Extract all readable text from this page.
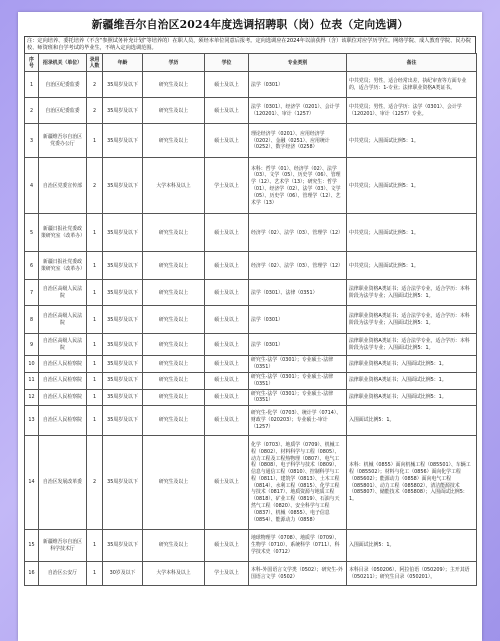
新疆维吾尔自治区2024年度选调招聘职（岗）位表（定向选调）
注：定向培养、委托培养（不含“参照试务补充计划”等培养的）在职人员，须经本单位同意后报考。定向选调应在2024年以前获得（含）该职位对应学历学位。网络学院、成人教育学院、民办院校、师资班和自学考试的毕业生，不纳入定向选调范围。
序号	招录机关（单位）	录用人数	年龄	学历	学位	专业类别	备注
1	自治区纪委监委	2	35周岁及以下	研究生及以上	硕士及以上	法学（0301）	中共党员；男性，适合经常出差，执纪审查等方面专业的，适合学历：1-专业；法律职业资格A类证书。
2	自治区纪委监委	2	35周岁及以下	研究生及以上	硕士及以上	法学（0301）、经济学（0201）、会计学（120201）、审计（1257）	中共党员；男性，适合学历：法学（0301）、会计学（120201）、审计（1257）专业。
3	新疆维吾尔自治区党委办公厅	1	35周岁及以下	研究生及以上	硕士及以上	理论经济学（0201）、应用经济学（0202）、金融（0251）、应用统计（0252）、数字经济（0258）	中共党员；入围面试比例5：1。
4	自治区党委宣传部	2	35周岁及以下	大学本科及以上	学士及以上	本科：哲学（01）、经济学（02）、法学（03）、文学（05）、历史学（06）、管理学（12）、艺术学（13）；研究生：哲学（01）、经济学（02）、法学（03）、文学（05）、历史学（06）、管理学（12）、艺术学（13）	中共党员；入围面试比例5：1。
5	新疆日报社党委政策研究室（改革办）	1	35周岁及以下	研究生及以上	硕士及以上	经济学（02）、法学（03）、管理学（12）	中共党员；入围面试比例5：1。
6	新疆日报社党委政策研究室（改革办）	1	35周岁及以下	研究生及以上	硕士及以上	经济学（02）、法学（03）、管理学（12）	中共党员；入围面试比例5：1。
7	自治区高级人民法院	1	35周岁及以下	研究生及以上	硕士及以上	法学（0301）、法律（0351）	法律职业资格A类证书；适合法学专业，适合学历：本科阶段为法学专业；入围面试比例5：1。
8	自治区高级人民法院	1	35周岁及以下	研究生及以上	硕士及以上	法学（0301）	法律职业资格A类证书；适合法学专业，适合学历：本科阶段为法学专业；入围面试比例5：1。
9	自治区高级人民法院	1	35周岁及以下	研究生及以上	硕士及以上	法学（0301）	法律职业资格A类证书；适合法学专业，适合学历：本科阶段为法学专业；入围面试比例5：1。
10	自治区人民检察院	1	35周岁及以下	研究生及以上	硕士及以上	研究生-法学（0301）；专业硕士-法律（0351）	法律职业资格A类证书；入围面试比例5：1。
11	自治区人民检察院	1	35周岁及以下	研究生及以上	硕士及以上	研究生-法学（0301）；专业硕士-法律（0351）	法律职业资格A类证书；入围面试比例5：1。
12	自治区人民检察院	1	35周岁及以下	研究生及以上	硕士及以上	研究生-法学（0301）；专业硕士-法律（0351）	法律职业资格A类证书；入围面试比例5：1。
13	自治区人民检察院	1	35周岁及以下	研究生及以上	硕士及以上	研究生-化学（0703）、统计学（0714）、财政学（020203）；专业硕士-审计（1257）	入围面试比例5：1。
14	自治区发展改革委	2	35周岁及以下	研究生及以上	硕士及以上	化学（0703）、地质学（0709）、机械工程（0802）、材料科学与工程（0805）、动力工程及工程热物理（0807）、电气工程（0808）、电子科学与技术（0809）、信息与通信工程（0810）、控制科学与工程（0811）、建筑学（0813）、土木工程（0814）、水利工程（0815）、化学工程与技术（0817）、地质资源与地质工程（0818）、矿业工程（0819）、石油与天然气工程（0820）、安全科学与工程（0837）、机械（0855）、电子信息（0854）、能源动力（0858）	本科：机械（0855）面向机械工程（085501）、车辆工程（085502）；材料与化工（0856）面向化学工程（085602）；能源动力（0858）面向电气工程（085801）、动力工程（085802）、清洁能源技术（085807）、储能技术（085808）；入围面试比例5：1。
15	新疆维吾尔自治区科学技术厅	1	35周岁及以下	研究生及以上	硕士及以上	地球物理学（0708）、地质学（0709）、生物学（0710）、系统科学（0711）、科学技术史（0712）	入围面试比例5：1。
16	自治区公安厅	1	30岁及以下	大学本科及以上	学士及以上	本科-外国语言文学类（0502）；研究生-外国语言文学（0502）	本科目录（050206）、阿拉伯语（050209）；主开其语（050211）；研究生目录（050201）。
